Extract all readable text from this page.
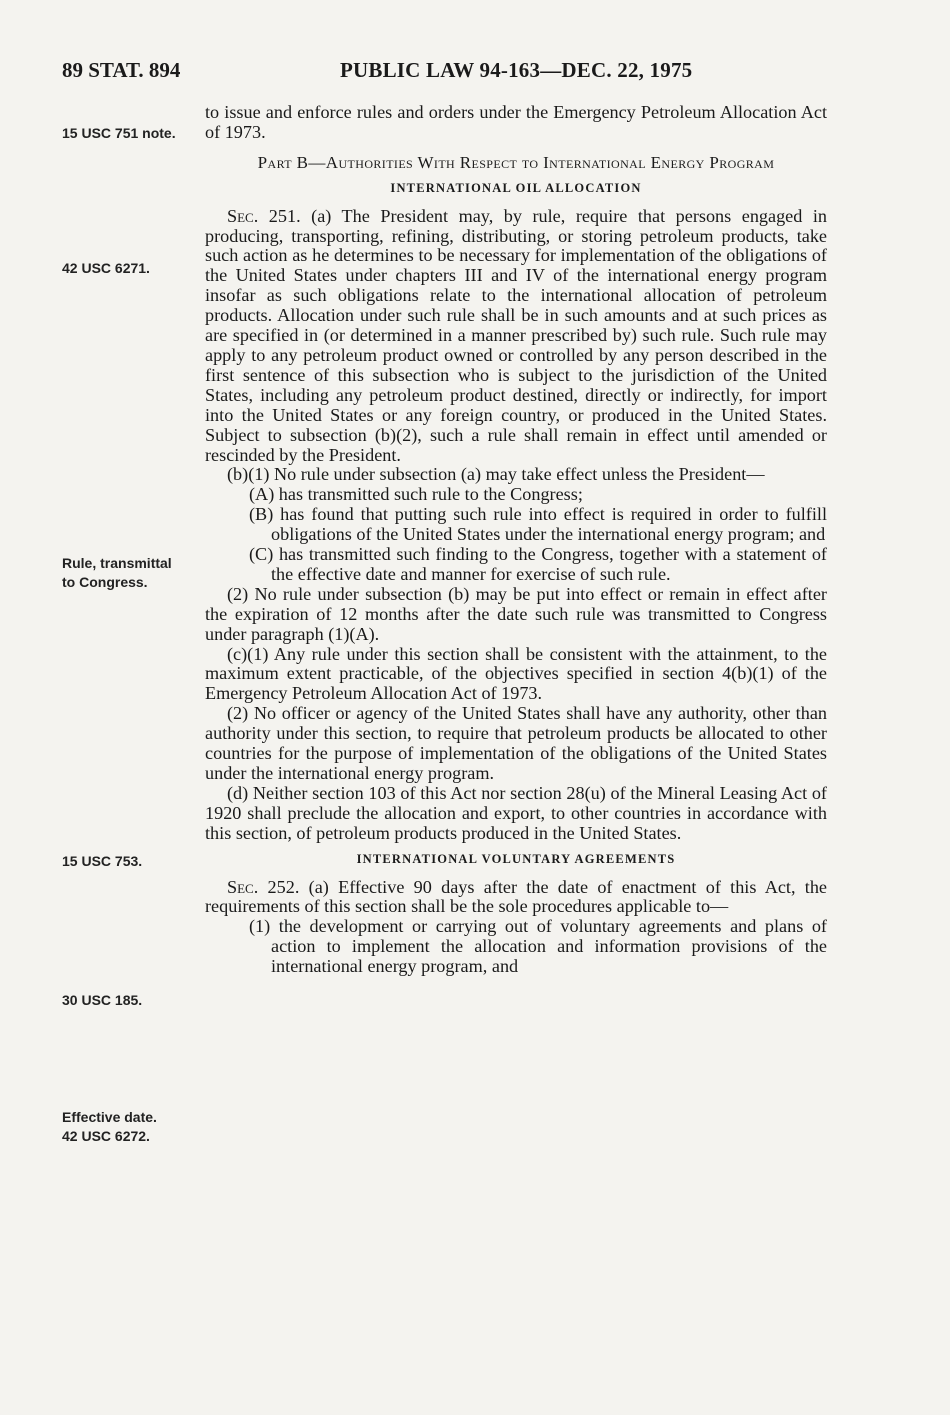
89 STAT. 894	PUBLIC LAW 94-163—DEC. 22, 1975
15 USC 751 note.
42 USC 6271.
Rule, transmittal
to Congress.
15 USC 753.
30 USC 185.
Effective date.
42 USC 6272.

to issue and enforce rules and orders under the Emergency Petroleum Allocation Act of 1973.

Part B—Authorities With Respect to International Energy Program

INTERNATIONAL OIL ALLOCATION

Sec. 251. (a) The President may, by rule, require that persons engaged in producing, transporting, refining, distributing, or storing petroleum products, take such action as he determines to be necessary for implementation of the obligations of the United States under chapters III and IV of the international energy program insofar as such obligations relate to the international allocation of petroleum products. Allocation under such rule shall be in such amounts and at such prices as are specified in (or determined in a manner prescribed by) such rule. Such rule may apply to any petroleum product owned or controlled by any person described in the first sentence of this subsection who is subject to the jurisdiction of the United States, including any petroleum product destined, directly or indirectly, for import into the United States or any foreign country, or produced in the United States. Subject to subsection (b)(2), such a rule shall remain in effect until amended or rescinded by the President.

(b)(1) No rule under subsection (a) may take effect unless the President—

(A) has transmitted such rule to the Congress;

(B) has found that putting such rule into effect is required in order to fulfill obligations of the United States under the international energy program; and

(C) has transmitted such finding to the Congress, together with a statement of the effective date and manner for exercise of such rule.

(2) No rule under subsection (b) may be put into effect or remain in effect after the expiration of 12 months after the date such rule was transmitted to Congress under paragraph (1)(A).

(c)(1) Any rule under this section shall be consistent with the attainment, to the maximum extent practicable, of the objectives specified in section 4(b)(1) of the Emergency Petroleum Allocation Act of 1973.

(2) No officer or agency of the United States shall have any authority, other than authority under this section, to require that petroleum products be allocated to other countries for the purpose of implementation of the obligations of the United States under the international energy program.

(d) Neither section 103 of this Act nor section 28(u) of the Mineral Leasing Act of 1920 shall preclude the allocation and export, to other countries in accordance with this section, of petroleum products produced in the United States.

INTERNATIONAL VOLUNTARY AGREEMENTS

Sec. 252. (a) Effective 90 days after the date of enactment of this Act, the requirements of this section shall be the sole procedures applicable to—

(1) the development or carrying out of voluntary agreements and plans of action to implement the allocation and information provisions of the international energy program, and
